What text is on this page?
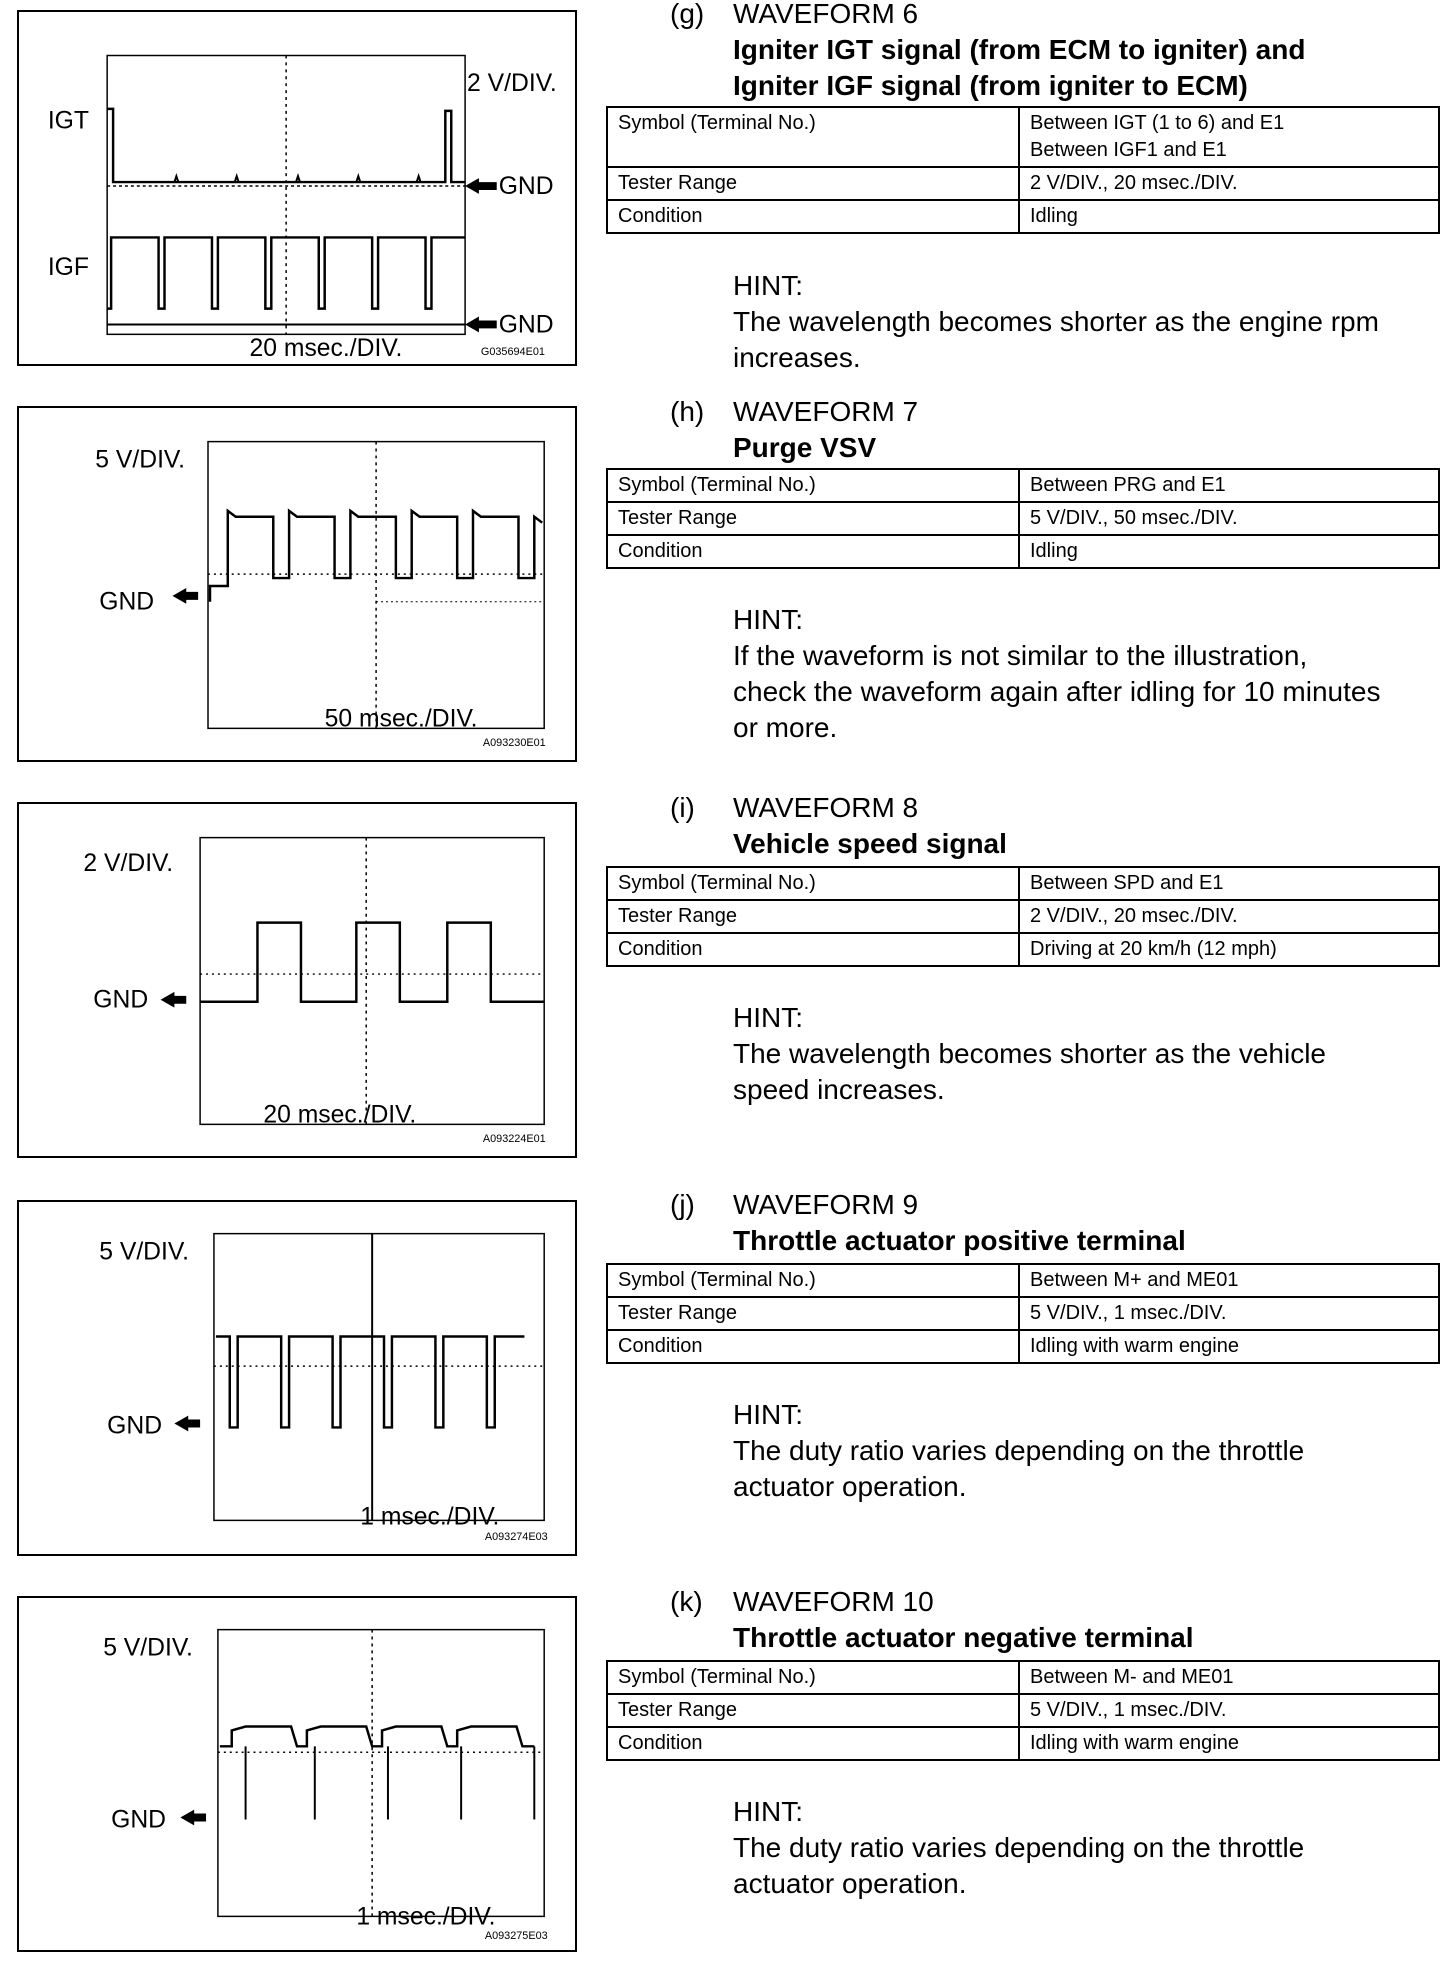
IGT
IGF
2 V/DIV.
GND
GND
20 msec./DIV.	G035694E01
5 V/DIV.
GND
50 msec./DIV.
A093230E01
2 V/DIV.
GND
20 msec./DIV.
A093224E01
5 V/DIV.
GND
1 msec./DIV.
A093274E03
5 V/DIV.
GND
1 msec./DIV.
A093275E03
(g) WAVEFORM 6
Igniter IGT signal (from ECM to igniter) and
Igniter IGF signal (from igniter to ECM)
Symbol (Terminal No.)	Between IGT (1 to 6) and E1
Between IGF1 and E1

Tester Range	2 V/DIV., 20 msec./DIV.
Condition	Idling
HINT:
The wavelength becomes shorter as the engine rpm
increases.
(h) WAVEFORM 7
Purge VSV
Symbol (Terminal No.)	Between PRG and E1
Tester Range	5 V/DIV., 50 msec./DIV.
Condition	Idling
HINT:
If the waveform is not similar to the illustration,
check the waveform again after idling for 10 minutes
or more.
(i) WAVEFORM 8
Vehicle speed signal
Symbol (Terminal No.)	Between SPD and E1
Tester Range	2 V/DIV., 20 msec./DIV.
Condition	Driving at 20 km/h (12 mph)
HINT:
The wavelength becomes shorter as the vehicle
speed increases.
(j) WAVEFORM 9
Throttle actuator positive terminal
Symbol (Terminal No.)	Between M+ and ME01
Tester Range	5 V/DIV., 1 msec./DIV.
Condition	Idling with warm engine
HINT:
The duty ratio varies depending on the throttle
actuator operation.
(k) WAVEFORM 10
Throttle actuator negative terminal
Symbol (Terminal No.)	Between M- and ME01
Tester Range	5 V/DIV., 1 msec./DIV.
Condition	Idling with warm engine
HINT:
The duty ratio varies depending on the throttle
actuator operation.
